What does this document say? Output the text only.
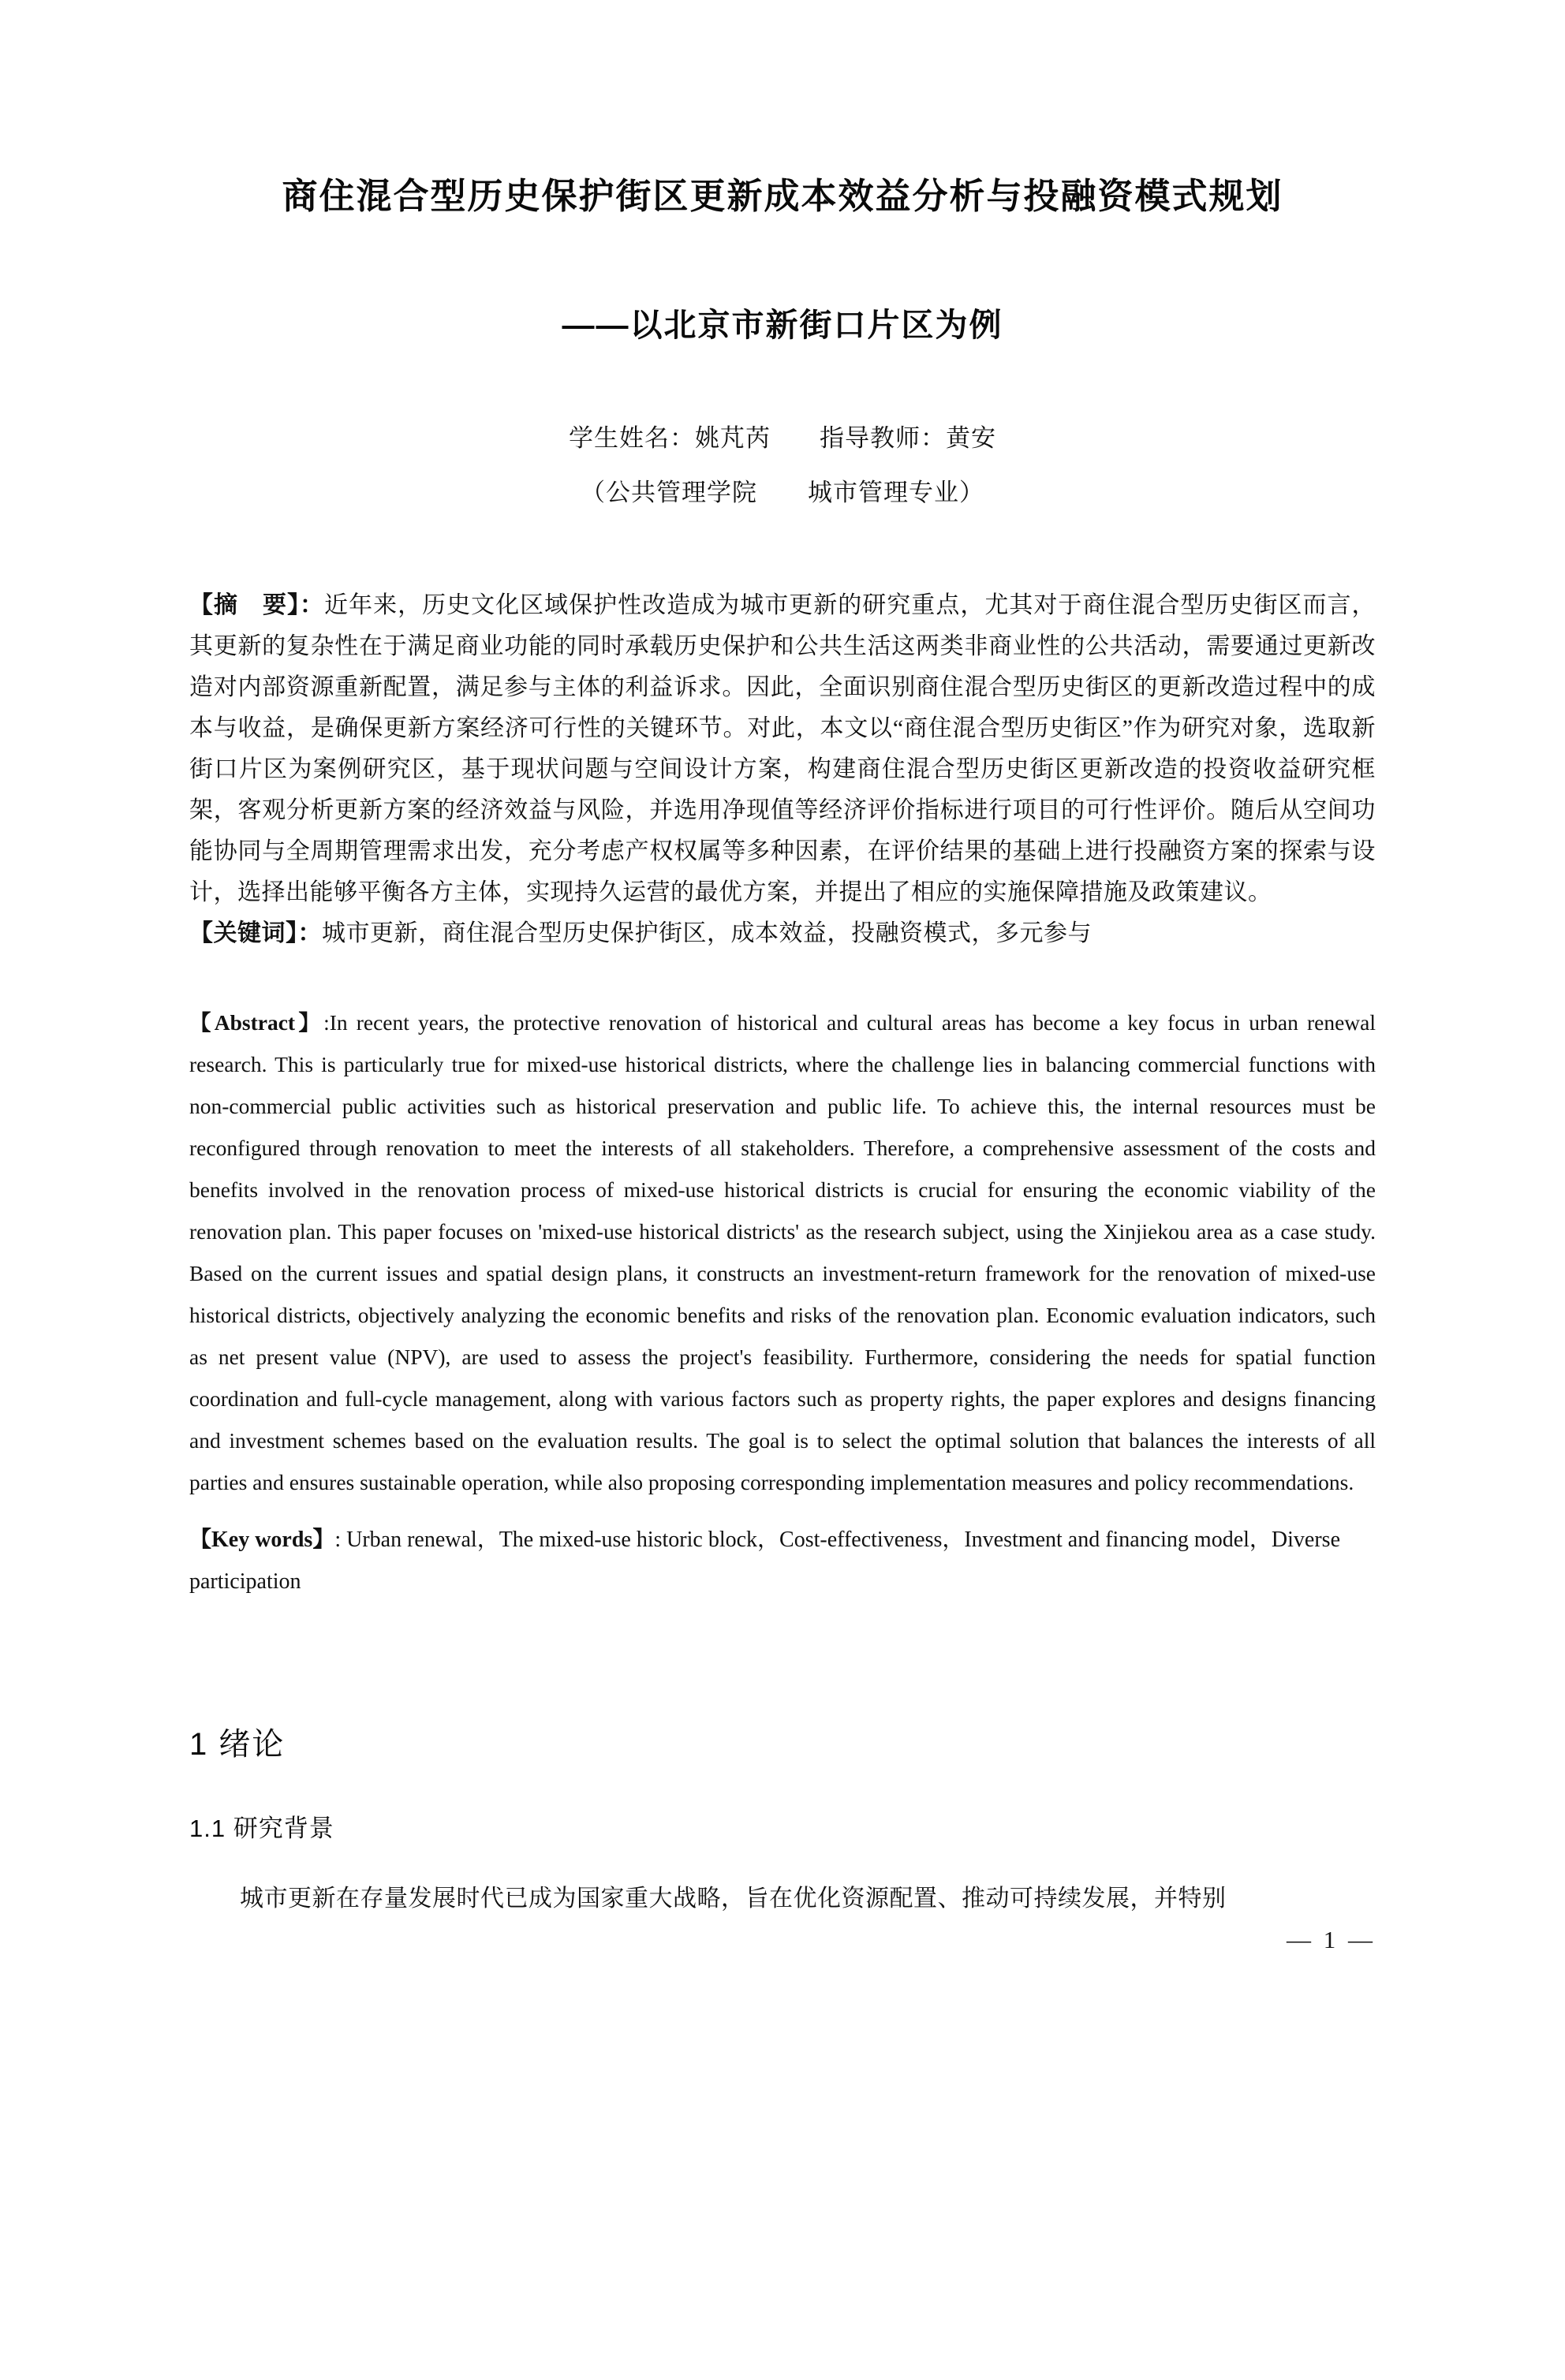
商住混合型历史保护街区更新成本效益分析与投融资模式规划
——以北京市新街口片区为例
学生姓名：姚芃芮 指导教师：黄安
（公共管理学院　　城市管理专业）

【摘　要】：近年来，历史文化区域保护性改造成为城市更新的研究重点，尤其对于商住混合型历史街区而言，其更新的复杂性在于满足商业功能的同时承载历史保护和公共生活这两类非商业性的公共活动，需要通过更新改造对内部资源重新配置，满足参与主体的利益诉求。因此，全面识别商住混合型历史街区的更新改造过程中的成本与收益，是确保更新方案经济可行性的关键环节。对此，本文以“商住混合型历史街区”作为研究对象，选取新街口片区为案例研究区，基于现状问题与空间设计方案，构建商住混合型历史街区更新改造的投资收益研究框架，客观分析更新方案的经济效益与风险，并选用净现值等经济评价指标进行项目的可行性评价。随后从空间功能协同与全周期管理需求出发，充分考虑产权权属等多种因素，在评价结果的基础上进行投融资方案的探索与设计，选择出能够平衡各方主体，实现持久运营的最优方案，并提出了相应的实施保障措施及政策建议。

【关键词】：城市更新，商住混合型历史保护街区，成本效益，投融资模式，多元参与

【Abstract】:In recent years, the protective renovation of historical and cultural areas has become a key focus in urban renewal research. This is particularly true for mixed-use historical districts, where the challenge lies in balancing commercial functions with non-commercial public activities such as historical preservation and public life. To achieve this, the internal resources must be reconfigured through renovation to meet the interests of all stakeholders. Therefore, a comprehensive assessment of the costs and benefits involved in the renovation process of mixed-use historical districts is crucial for ensuring the economic viability of the renovation plan. This paper focuses on 'mixed-use historical districts' as the research subject, using the Xinjiekou area as a case study. Based on the current issues and spatial design plans, it constructs an investment-return framework for the renovation of mixed-use historical districts, objectively analyzing the economic benefits and risks of the renovation plan. Economic evaluation indicators, such as net present value (NPV), are used to assess the project's feasibility. Furthermore, considering the needs for spatial function coordination and full-cycle management, along with various factors such as property rights, the paper explores and designs financing and investment schemes based on the evaluation results. The goal is to select the optimal solution that balances the interests of all parties and ensures sustainable operation, while also proposing corresponding implementation measures and policy recommendations.

【Key words】: Urban renewal，The mixed-use historic block，Cost-effectiveness，Investment and financing model，Diverse participation

1 绪论
1.1 研究背景

城市更新在存量发展时代已成为国家重大战略，旨在优化资源配置、推动可持续发展，并特别

— 1 —
